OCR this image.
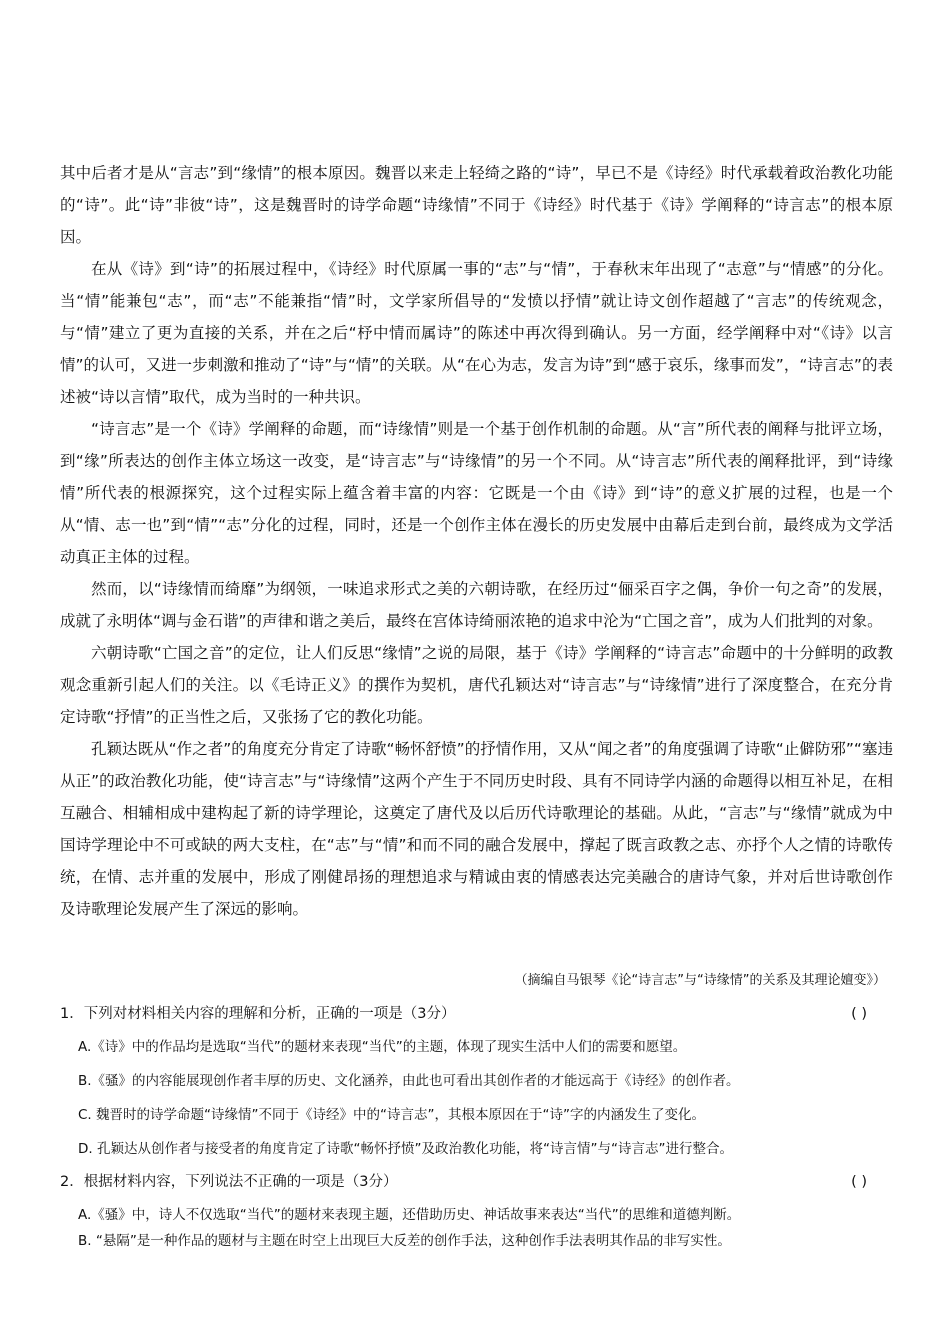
其中后者才是从“言志”到“缘情”的根本原因。魏晋以来走上轻绮之路的“诗”，早已不是《诗经》时代承载着政治教化功能的“诗”。此“诗”非彼“诗”，这是魏晋时的诗学命题“诗缘情”不同于《诗经》时代基于《诗》学阐释的“诗言志”的根本原因。

在从《诗》到“诗”的拓展过程中，《诗经》时代原属一事的“志”与“情”，于春秋末年出现了“志意”与“情感”的分化。当“情”能兼包“志”，而“志”不能兼指“情”时，文学家所倡导的“发愤以抒情”就让诗文创作超越了“言志”的传统观念，与“情”建立了更为直接的关系，并在之后“杼中情而属诗”的陈述中再次得到确认。另一方面，经学阐释中对“《诗》以言情”的认可，又进一步刺激和推动了“诗”与“情”的关联。从“在心为志，发言为诗”到“感于哀乐，缘事而发”，“诗言志”的表述被“诗以言情”取代，成为当时的一种共识。

“诗言志”是一个《诗》学阐释的命题，而“诗缘情”则是一个基于创作机制的命题。从“言”所代表的阐释与批评立场，到“缘”所表达的创作主体立场这一改变，是“诗言志”与“诗缘情”的另一个不同。从“诗言志”所代表的阐释批评，到“诗缘情”所代表的根源探究，这个过程实际上蕴含着丰富的内容：它既是一个由《诗》到“诗”的意义扩展的过程，也是一个从“情、志一也”到“情”“志”分化的过程，同时，还是一个创作主体在漫长的历史发展中由幕后走到台前，最终成为文学活动真正主体的过程。

然而，以“诗缘情而绮靡”为纲领，一味追求形式之美的六朝诗歌，在经历过“俪采百字之偶，争价一句之奇”的发展，成就了永明体“调与金石谐”的声律和谐之美后，最终在宫体诗绮丽浓艳的追求中沦为“亡国之音”，成为人们批判的对象。

六朝诗歌“亡国之音”的定位，让人们反思“缘情”之说的局限，基于《诗》学阐释的“诗言志”命题中的十分鲜明的政教观念重新引起人们的关注。以《毛诗正义》的撰作为契机，唐代孔颖达对“诗言志”与“诗缘情”进行了深度整合，在充分肯定诗歌“抒情”的正当性之后，又张扬了它的教化功能。

孔颖达既从“作之者”的角度充分肯定了诗歌“畅怀舒愤”的抒情作用，又从“闻之者”的角度强调了诗歌“止僻防邪”“塞违从正”的政治教化功能，使“诗言志”与“诗缘情”这两个产生于不同历史时段、具有不同诗学内涵的命题得以相互补足，在相互融合、相辅相成中建构起了新的诗学理论，这奠定了唐代及以后历代诗歌理论的基础。从此，“言志”与“缘情”就成为中国诗学理论中不可或缺的两大支柱，在“志”与“情”和而不同的融合发展中，撑起了既言政教之志、亦抒个人之情的诗歌传统，在情、志并重的发展中，形成了刚健昂扬的理想追求与精诚由衷的情感表达完美融合的唐诗气象，并对后世诗歌创作及诗歌理论发展产生了深远的影响。

（摘编自马银琴《论“诗言志”与“诗缘情”的关系及其理论嬗变》）
1．下列对材料相关内容的理解和分析，正确的一项是（3分）	( )
A.《诗》中的作品均是选取“当代”的题材来表现“当代”的主题，体现了现实生活中人们的需要和愿望。
B.《骚》的内容能展现创作者丰厚的历史、文化涵养，由此也可看出其创作者的才能远高于《诗经》的创作者。
C. 魏晋时的诗学命题“诗缘情”不同于《诗经》中的“诗言志”，其根本原因在于“诗”字的内涵发生了变化。
D. 孔颖达从创作者与接受者的角度肯定了诗歌“畅怀抒愤”及政治教化功能，将“诗言情”与“诗言志”进行整合。
2．根据材料内容，下列说法不正确的一项是（3分）	( )
A.《骚》中，诗人不仅选取“当代”的题材来表现主题，还借助历史、神话故事来表达“当代”的思维和道德判断。
B. “悬隔”是一种作品的题材与主题在时空上出现巨大反差的创作手法，这种创作手法表明其作品的非写实性。
